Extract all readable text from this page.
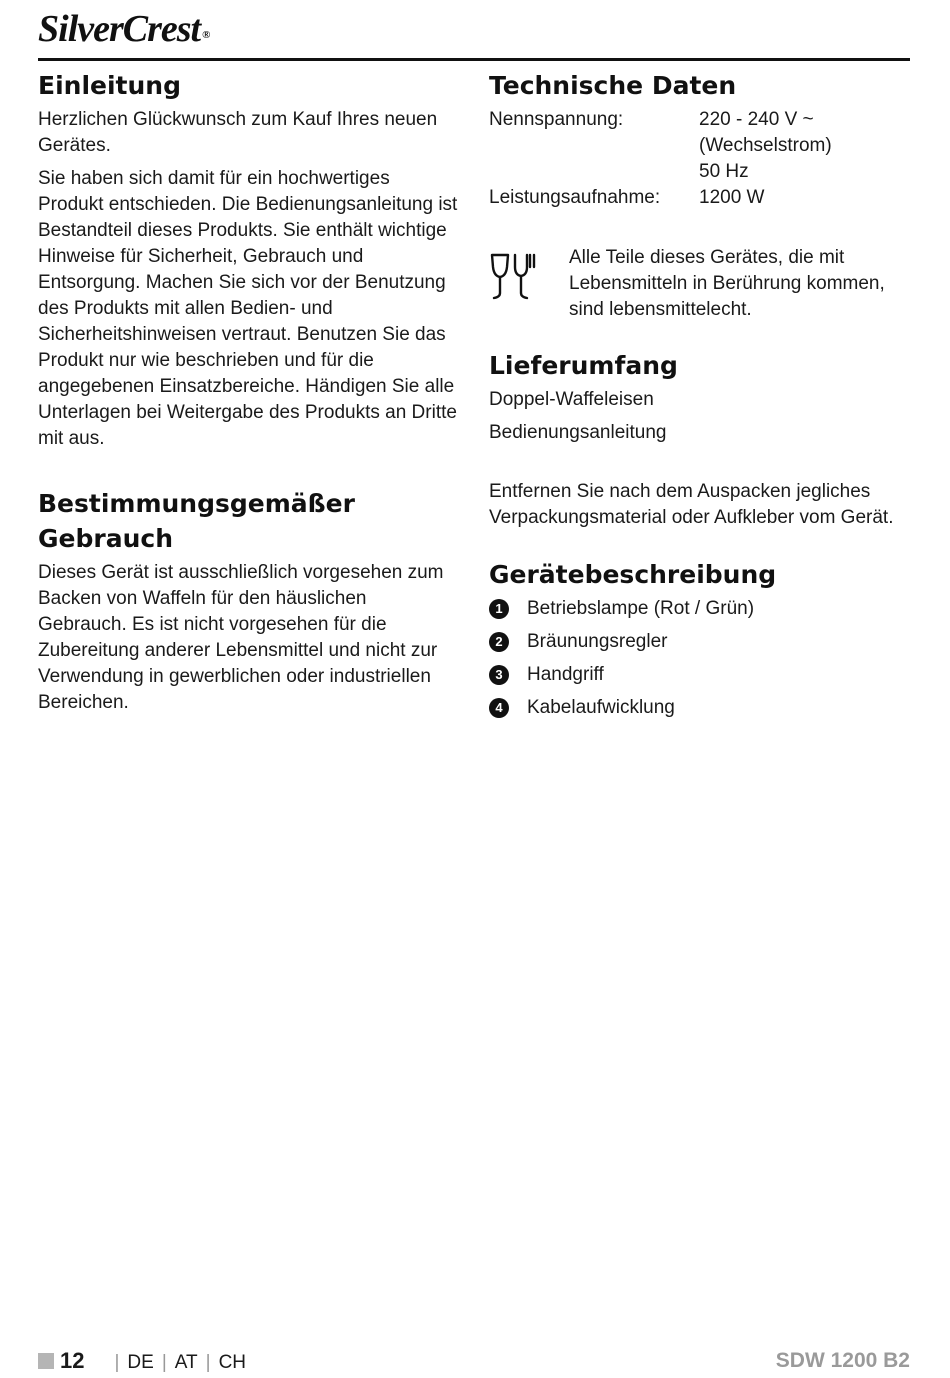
SilverCrest ®
Einleitung

Herzlichen Glückwunsch zum Kauf Ihres neuen Gerätes.

Sie haben sich damit für ein hochwertiges Produkt entschieden. Die Bedienungsanleitung ist Bestandteil dieses Produkts. Sie enthält wichtige Hinweise für Sicherheit, Gebrauch und Entsorgung. Machen Sie sich vor der Benutzung des Produkts mit allen Bedien- und Sicherheitshinweisen vertraut. Benutzen Sie das Produkt nur wie beschrieben und für die angegebenen Einsatzbereiche. Händigen Sie alle Unterlagen bei Weitergabe des Produkts an Dritte mit aus.

Bestimmungsgemäßer Gebrauch

Dieses Gerät ist ausschließlich vorgesehen zum Backen von Waffeln für den häuslichen Gebrauch. Es ist nicht vorgesehen für die Zubereitung anderer Lebensmittel und nicht zur Verwendung in gewerblichen oder industriellen Bereichen.

Technische Daten
Nennspannung:	220 - 240 V ~
(Wechselstrom)
50 Hz

Leistungsaufnahme:	1200 W

Alle Teile dieses Gerätes, die mit Lebensmitteln in Berührung kommen, sind lebensmittelecht.

Lieferumfang

Doppel-Waffeleisen

Bedienungsanleitung

Entfernen Sie nach dem Auspacken jegliches Verpackungsmaterial oder Aufkleber vom Gerät.

Gerätebeschreibung
1	Betriebslampe (Rot / Grün)
2	Bräunungsregler
3	Handgriff
4	Kabelaufwicklung
12 | DE | AT | CH	SDW 1200 B2
